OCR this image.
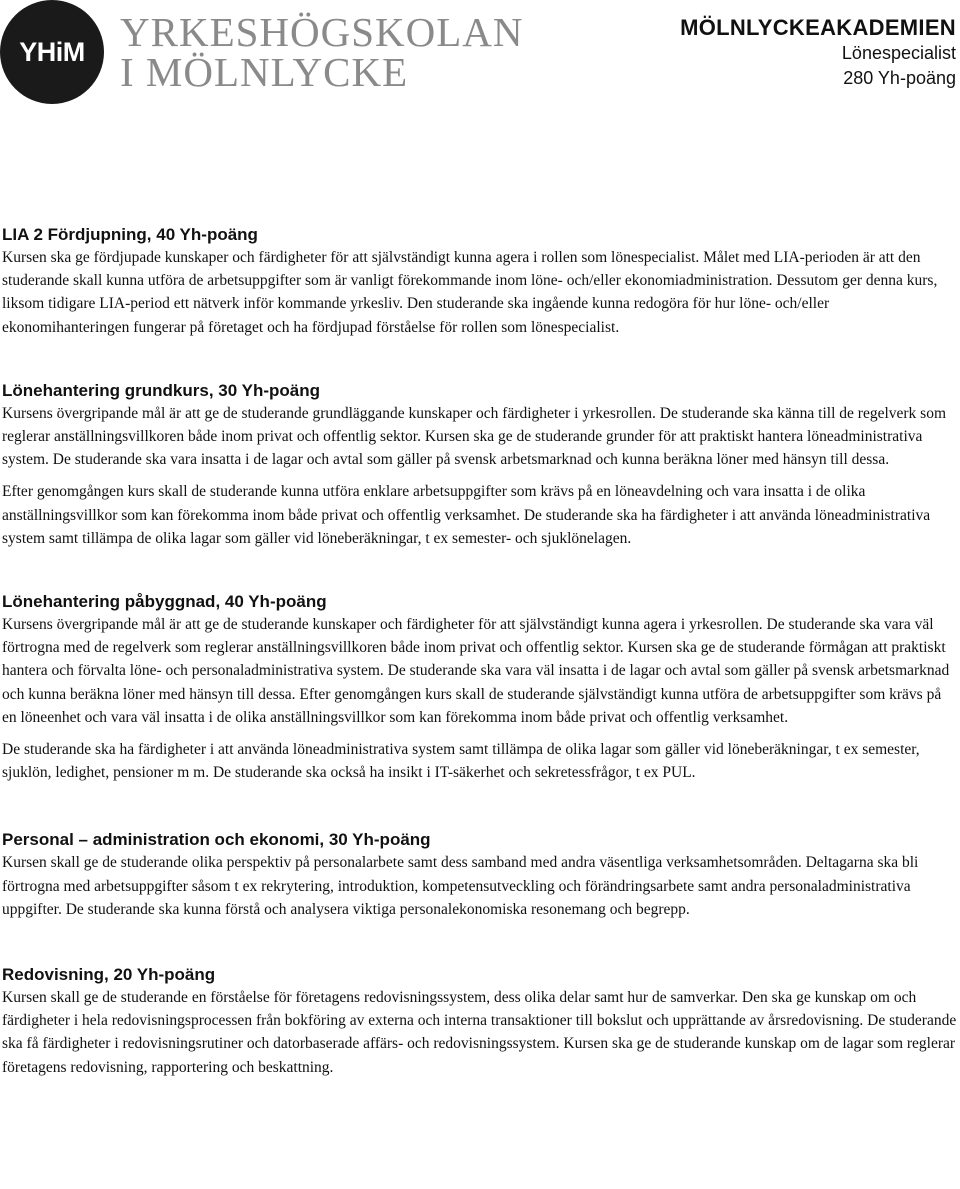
YHiM YRKESHÖGSKOLAN
I MÖLNLYCKE
MÖLNLYCKEAKADEMIEN
Lönespecialist
280 Yh-poäng
LIA 2 Fördjupning, 40 Yh-poäng

Kursen ska ge fördjupade kunskaper och färdigheter för att självständigt kunna agera i rollen som lönespecialist. Målet med LIA-perioden är att den studerande skall kunna utföra de arbetsuppgifter som är vanligt förekommande inom löne- och/eller ekonomiadministration. Dessutom ger denna kurs, liksom tidigare LIA-period ett nätverk inför kommande yrkesliv. Den studerande ska ingående kunna redogöra för hur löne- och/eller ekonomihanteringen fungerar på företaget och ha fördjupad förståelse för rollen som lönespecialist.

Lönehantering grundkurs, 30 Yh-poäng

Kursens övergripande mål är att ge de studerande grundläggande kunskaper och färdigheter i yrkesrollen. De studerande ska känna till de regelverk som reglerar anställningsvillkoren både inom privat och offentlig sektor. Kursen ska ge de studerande grunder för att praktiskt hantera löneadministrativa system. De studerande ska vara insatta i de lagar och avtal som gäller på svensk arbetsmarknad och kunna beräkna löner med hänsyn till dessa.

Efter genomgången kurs skall de studerande kunna utföra enklare arbetsuppgifter som krävs på en löneavdelning och vara insatta i de olika anställningsvillkor som kan förekomma inom både privat och offentlig verksamhet. De studerande ska ha färdigheter i att använda löneadministrativa system samt tillämpa de olika lagar som gäller vid löneberäkningar, t ex semester- och sjuklönelagen.

Lönehantering påbyggnad, 40 Yh-poäng

Kursens övergripande mål är att ge de studerande kunskaper och färdigheter för att självständigt kunna agera i yrkesrollen. De studerande ska vara väl förtrogna med de regelverk som reglerar anställningsvillkoren både inom privat och offentlig sektor. Kursen ska ge de studerande förmågan att praktiskt hantera och förvalta löne- och personaladministrativa system. De studerande ska vara väl insatta i de lagar och avtal som gäller på svensk arbetsmarknad och kunna beräkna löner med hänsyn till dessa. Efter genomgången kurs skall de studerande självständigt kunna utföra de arbetsuppgifter som krävs på en löneenhet och vara väl insatta i de olika anställningsvillkor som kan förekomma inom både privat och offentlig verksamhet.

De studerande ska ha färdigheter i att använda löneadministrativa system samt tillämpa de olika lagar som gäller vid löneberäkningar, t ex semester, sjuklön, ledighet, pensioner m m. De studerande ska också ha insikt i IT-säkerhet och sekretessfrågor, t ex PUL.

Personal – administration och ekonomi, 30 Yh-poäng

Kursen skall ge de studerande olika perspektiv på personalarbete samt dess samband med andra väsentliga verksamhetsområden. Deltagarna ska bli förtrogna med arbetsuppgifter såsom t ex rekrytering, introduktion, kompetensutveckling och förändringsarbete samt andra personaladministrativa uppgifter. De studerande ska kunna förstå och analysera viktiga personalekonomiska resonemang och begrepp.

Redovisning, 20 Yh-poäng

Kursen skall ge de studerande en förståelse för företagens redovisningssystem, dess olika delar samt hur de samverkar. Den ska ge kunskap om och färdigheter i hela redovisningsprocessen från bokföring av externa och interna transaktioner till bokslut och upprättande av årsredovisning. De studerande ska få färdigheter i redovisningsrutiner och datorbaserade affärs- och redovisningssystem. Kursen ska ge de studerande kunskap om de lagar som reglerar företagens redovisning, rapportering och beskattning.
